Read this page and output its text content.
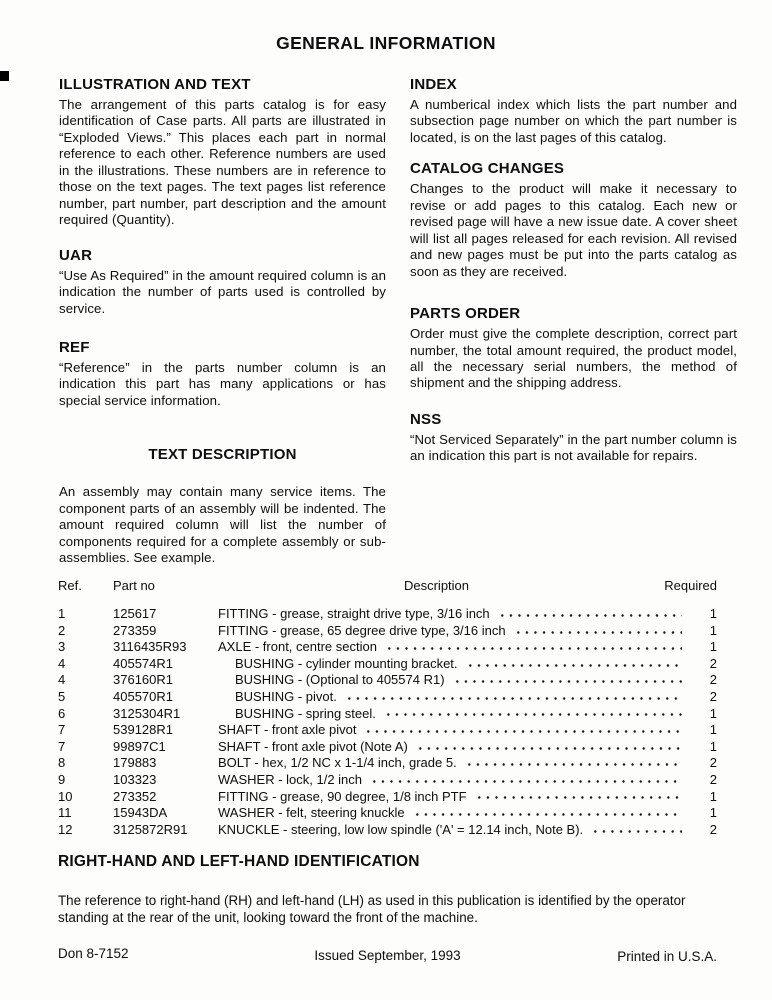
GENERAL INFORMATION
ILLUSTRATION AND TEXT

The arrangement of this parts catalog is for easy identification of Case parts. All parts are illustrated in “Exploded Views.” This places each part in normal reference to each other. Reference numbers are used in the illustrations. These numbers are in reference to those on the text pages. The text pages list reference number, part number, part description and the amount required (Quantity).

UAR

“Use As Required” in the amount required column is an indication the number of parts used is controlled by service.

REF

“Reference” in the parts number column is an indication this part has many applications or has special service information.

TEXT DESCRIPTION

An assembly may contain many service items. The component parts of an assembly will be indented. The amount required column will list the number of components required for a complete assembly or sub-assemblies. See example.

INDEX

A numberical index which lists the part number and subsection page number on which the part number is located, is on the last pages of this catalog.

CATALOG CHANGES

Changes to the product will make it necessary to revise or add pages to this catalog. Each new or revised page will have a new issue date. A cover sheet will list all pages released for each revision. All revised and new pages must be put into the parts catalog as soon as they are received.

PARTS ORDER

Order must give the complete description, correct part number, the total amount required, the product model, all the necessary serial numbers, the method of shipment and the shipping address.

NSS

“Not Serviced Separately” in the part number column is an indication this part is not available for repairs.

Ref.	Part no	Description	Required
1	125617	FITTING - grease, straight drive type, 3/16 inch	1
2	273359	FITTING - grease, 65 degree drive type, 3/16 inch	1
3	3116435R93	AXLE - front, centre section	1
4	405574R1	BUSHING - cylinder mounting bracket.	2
4	376160R1	BUSHING - (Optional to 405574 R1)	2
5	405570R1	BUSHING - pivot.	2
6	3125304R1	BUSHING - spring steel.	1
7	539128R1	SHAFT - front axle pivot	1
7	99897C1	SHAFT - front axle pivot (Note A)	1
8	179883	BOLT - hex, 1/2 NC x 1-1/4 inch, grade 5.	2
9	103323	WASHER - lock, 1/2 inch	2
10	273352	FITTING - grease, 90 degree, 1/8 inch PTF	1
11	15943DA	WASHER - felt, steering knuckle	1
12	3125872R91	KNUCKLE - steering, low low spindle ('A' = 12.14 inch, Note B).	2
RIGHT-HAND AND LEFT-HAND IDENTIFICATION

The reference to right-hand (RH) and left-hand (LH) as used in this publication is identified by the operator standing at the rear of the unit, looking toward the front of the machine.

Don 8-7152	Issued September, 1993	Printed in U.S.A.
